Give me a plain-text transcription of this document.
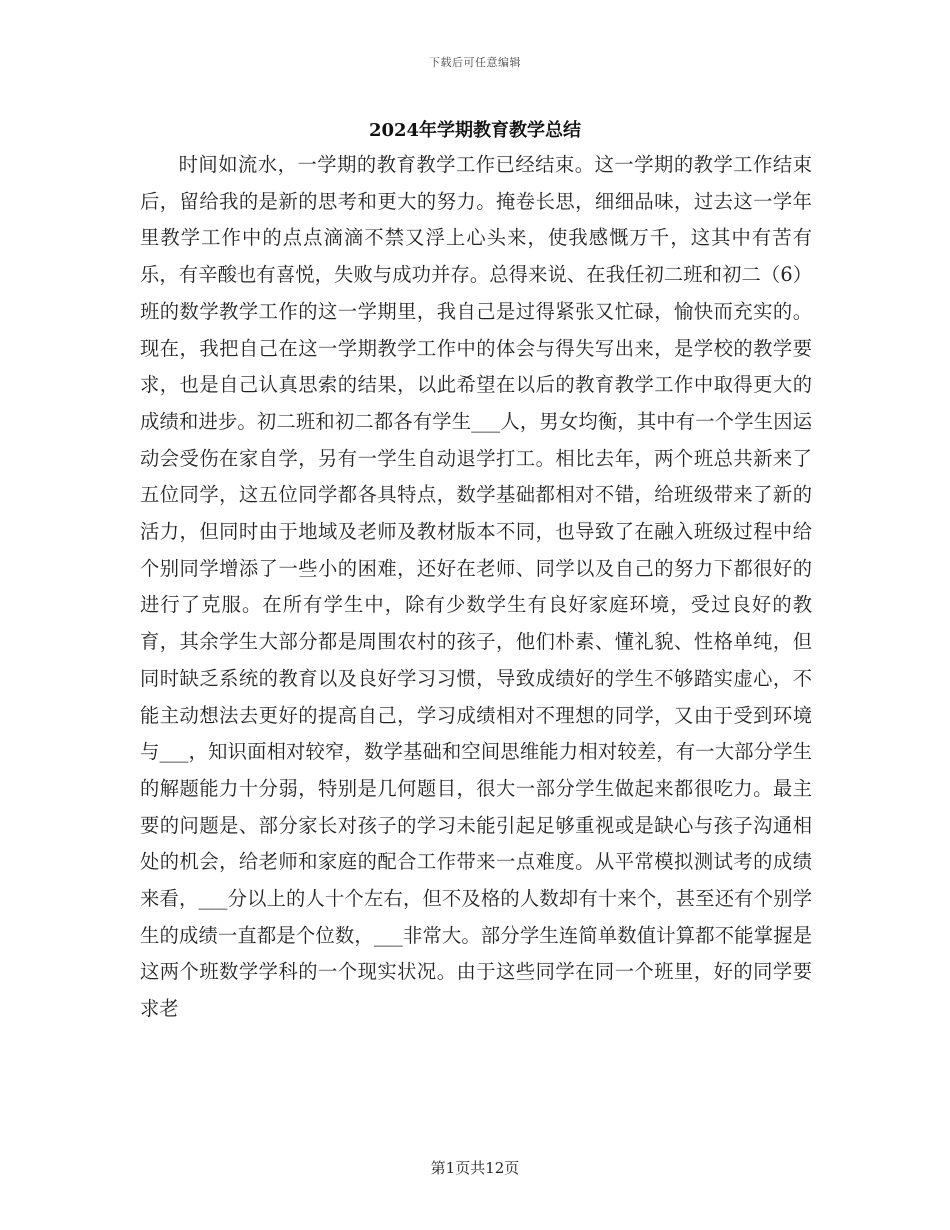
下载后可任意编辑
2024年学期教育教学总结

时间如流水，一学期的教育教学工作已经结束。这一学期的教学工作结束后，留给我的是新的思考和更大的努力。掩卷长思，细细品味，过去这一学年里教学工作中的点点滴滴不禁又浮上心头来，使我感慨万千，这其中有苦有乐，有辛酸也有喜悦，失败与成功并存。总得来说、在我任初二班和初二（6）班的数学教学工作的这一学期里，我自己是过得紧张又忙碌，愉快而充实的。现在，我把自己在这一学期教学工作中的体会与得失写出来，是学校的教学要求，也是自己认真思索的结果，以此希望在以后的教育教学工作中取得更大的成绩和进步。初二班和初二都各有学生___人，男女均衡，其中有一个学生因运动会受伤在家自学，另有一学生自动退学打工。相比去年，两个班总共新来了五位同学，这五位同学都各具特点，数学基础都相对不错，给班级带来了新的活力，但同时由于地域及老师及教材版本不同，也导致了在融入班级过程中给个别同学增添了一些小的困难，还好在老师、同学以及自己的努力下都很好的进行了克服。在所有学生中，除有少数学生有良好家庭环境，受过良好的教育，其余学生大部分都是周围农村的孩子，他们朴素、懂礼貌、性格单纯，但同时缺乏系统的教育以及良好学习习惯，导致成绩好的学生不够踏实虚心，不能主动想法去更好的提高自己，学习成绩相对不理想的同学，又由于受到环境与___，知识面相对较窄，数学基础和空间思维能力相对较差，有一大部分学生的解题能力十分弱，特别是几何题目，很大一部分学生做起来都很吃力。最主要的问题是、部分家长对孩子的学习未能引起足够重视或是缺心与孩子沟通相处的机会，给老师和家庭的配合工作带来一点难度。从平常模拟测试考的成绩来看，___分以上的人十个左右，但不及格的人数却有十来个，甚至还有个别学生的成绩一直都是个位数，___非常大。部分学生连简单数值计算都不能掌握是这两个班数学学科的一个现实状况。由于这些同学在同一个班里，好的同学要求老

第1页共12页
